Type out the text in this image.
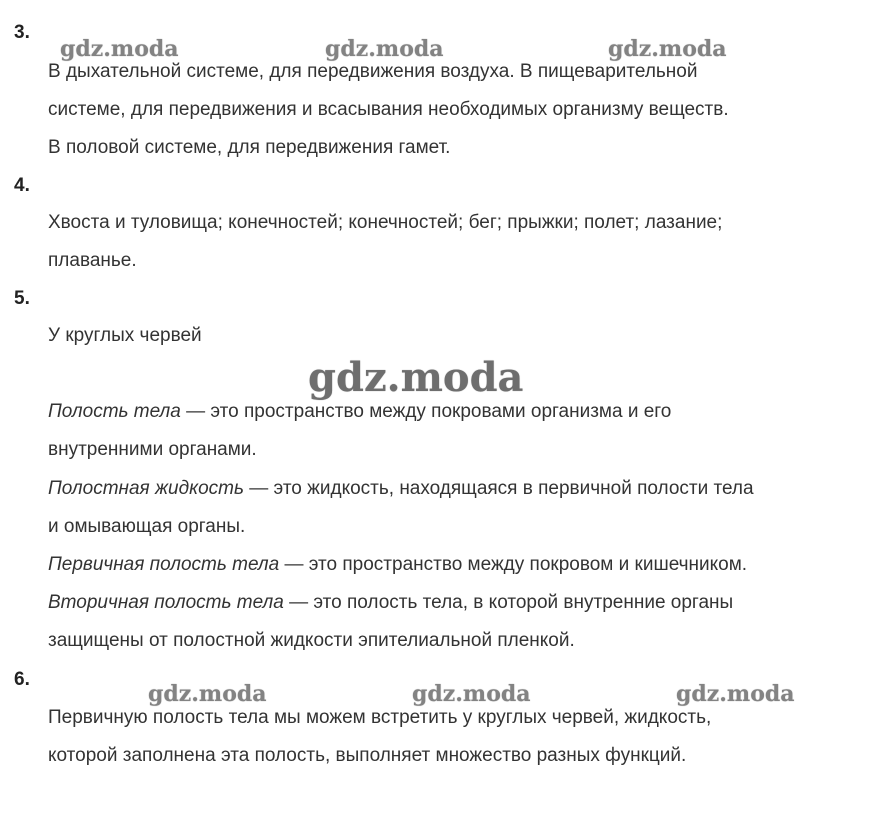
gdz.moda	gdz.moda	gdz.moda
gdz.moda
gdz.moda	gdz.moda	gdz.moda
3.
В дыхательной системе, для передвижения воздуха. В пищеварительной
системе, для передвижения и всасывания необходимых организму веществ.
В половой системе, для передвижения гамет.
4.
Хвоста и туловища; конечностей; конечностей; бег; прыжки; полет; лазание;
плаванье.
5.
У круглых червей
Полость тела — это пространство между покровами организма и его
внутренними органами.
Полостная жидкость — это жидкость, находящаяся в первичной полости тела
и омывающая органы.
Первичная полость тела — это пространство между покровом и кишечником.
Вторичная полость тела — это полость тела, в которой внутренние органы
защищены от полостной жидкости эпителиальной пленкой.
6.
Первичную полость тела мы можем встретить у круглых червей, жидкость,
которой заполнена эта полость, выполняет множество разных функций.
